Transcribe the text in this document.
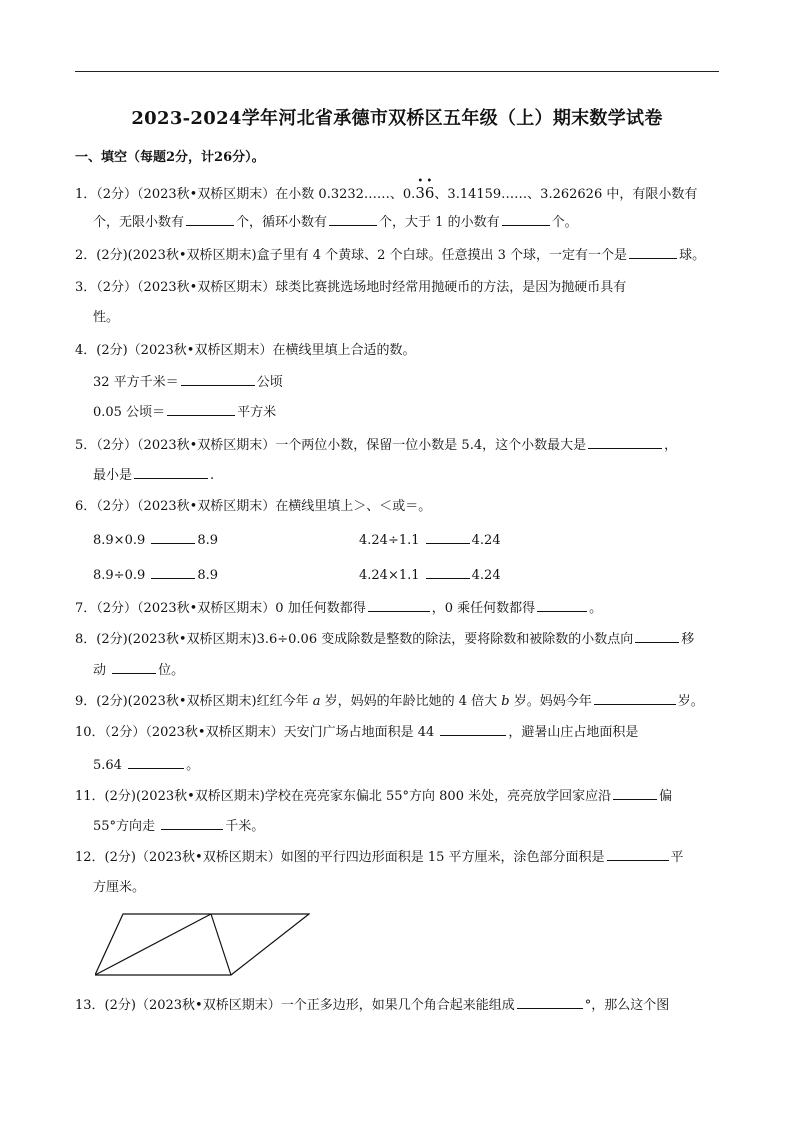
2023-2024学年河北省承德市双桥区五年级（上）期末数学试卷
一、填空（每题2分，计26分）。
1．（2分）（2023秋•双桥区期末）在小数 0.3232……、0.
• •
36、3.14159……、3.262626 中，有限小数有
个，无限小数有	个，循环小数有	个，大于 1 的小数有	个。
2．(2分)(2023秋•双桥区期末)盒子里有 4 个黄球、2 个白球。任意摸出 3 个球，一定有一个是	球。
3．（2分）（2023秋•双桥区期末）球类比赛挑选场地时经常用抛硬币的方法，是因为抛硬币具有
性。
4．(2分)（2023秋•双桥区期末）在横线里填上合适的数。
32 平方千米＝	公顷
0.05 公顷＝	平方米
5．（2分）（2023秋•双桥区期末）一个两位小数，保留一位小数是 5.4，这个小数最大是	，
最小是	.
6．（2分）（2023秋•双桥区期末）在横线里填上＞、＜或＝。
8.9×0.9	8.9	4.24÷1.1	4.24
8.9÷0.9	8.9	4.24×1.1	4.24
7．（2分）（2023秋•双桥区期末）0 加任何数都得	，0 乘任何数都得	。
8．(2分)(2023秋•双桥区期末)3.6÷0.06 变成除数是整数的除法，要将除数和被除数的小数点向	移
动	位。
9．(2分)(2023秋•双桥区期末)红红今年 a 岁，妈妈的年龄比她的 4 倍大 b 岁。妈妈今年	岁。
10．（2分）（2023秋•双桥区期末）天安门广场占地面积是 44	，避暑山庄占地面积是
5.64	。
11．(2分)(2023秋•双桥区期末)学校在亮亮家东偏北 55°方向 800 米处，亮亮放学回家应沿	偏
55°方向走	千米。
12．(2分)（2023秋•双桥区期末）如图的平行四边形面积是 15 平方厘米，涂色部分面积是	平
方厘米。
13．(2分)（2023秋•双桥区期末）一个正多边形，如果几个角合起来能组成	°，那么这个图
